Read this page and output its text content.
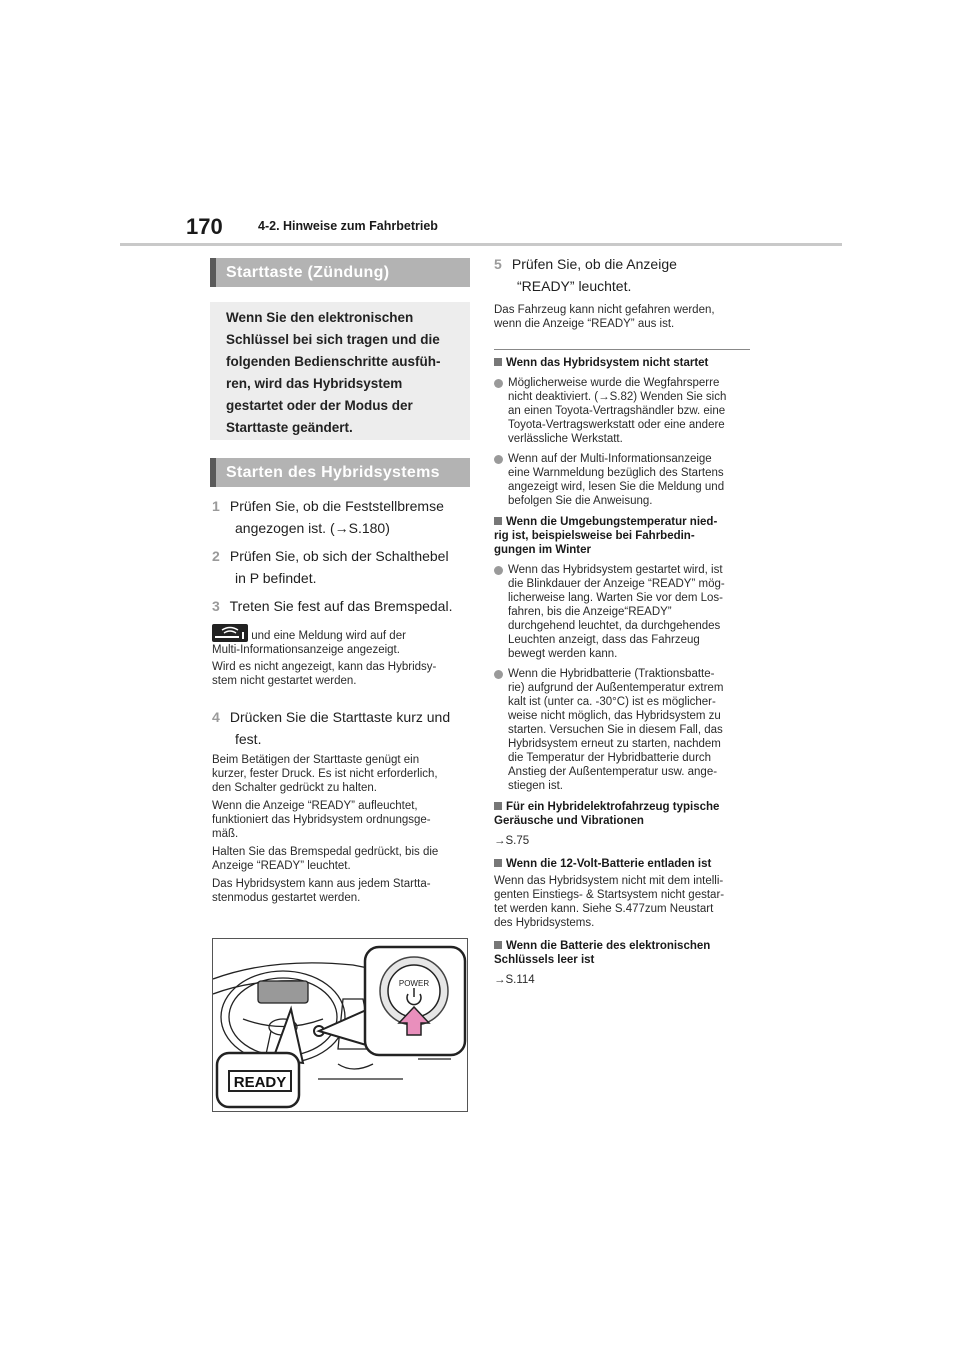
170	4-2. Hinweise zum Fahrbetrieb
Starttaste (Zündung)
Wenn Sie den elektronischen
Schlüssel bei sich tragen und die
folgenden Bedienschritte ausfüh-
ren, wird das Hybridsystem
gestartet oder der Modus der
Starttaste geändert.
Starten des Hybridsystems
1 Prüfen Sie, ob die Feststellbremse
angezogen ist. (→S.180)
2 Prüfen Sie, ob sich der Schalthebel
in P befindet.
3 Treten Sie fest auf das Bremspedal.
und eine Meldung wird auf der
Multi-Informationsanzeige angezeigt.
Wird es nicht angezeigt, kann das Hybridsy-
stem nicht gestartet werden.
4 Drücken Sie die Starttaste kurz und
fest.
Beim Betätigen der Starttaste genügt ein
kurzer, fester Druck. Es ist nicht erforderlich,
den Schalter gedrückt zu halten.
Wenn die Anzeige “READY” aufleuchtet,
funktioniert das Hybridsystem ordnungsge-
mäß.
Halten Sie das Bremspedal gedrückt, bis die
Anzeige “READY” leuchtet.
Das Hybridsystem kann aus jedem Startta-
stenmodus gestartet werden.
POWER
READY
5 Prüfen Sie, ob die Anzeige
“READY” leuchtet.
Das Fahrzeug kann nicht gefahren werden,
wenn die Anzeige “READY” aus ist.
Wenn das Hybridsystem nicht startet
Möglicherweise wurde die Wegfahrsperre
nicht deaktiviert. (→S.82) Wenden Sie sich
an einen Toyota-Vertragshändler bzw. eine
Toyota-Vertragswerkstatt oder eine andere
verlässliche Werkstatt.
Wenn auf der Multi-Informationsanzeige
eine Warnmeldung bezüglich des Startens
angezeigt wird, lesen Sie die Meldung und
befolgen Sie die Anweisung.
Wenn die Umgebungstemperatur nied-
rig ist, beispielsweise bei Fahrbedin-
gungen im Winter
Wenn das Hybridsystem gestartet wird, ist
die Blinkdauer der Anzeige “READY” mög-
licherweise lang. Warten Sie vor dem Los-
fahren, bis die Anzeige“READY”
durchgehend leuchtet, da durchgehendes
Leuchten anzeigt, dass das Fahrzeug
bewegt werden kann.
Wenn die Hybridbatterie (Traktionsbatte-
rie) aufgrund der Außentemperatur extrem
kalt ist (unter ca. -30°C) ist es möglicher-
weise nicht möglich, das Hybridsystem zu
starten. Versuchen Sie in diesem Fall, das
Hybridsystem erneut zu starten, nachdem
die Temperatur der Hybridbatterie durch
Anstieg der Außentemperatur usw. ange-
stiegen ist.
Für ein Hybridelektrofahrzeug typische
Geräusche und Vibrationen
→S.75
Wenn die 12-Volt-Batterie entladen ist
Wenn das Hybridsystem nicht mit dem intelli-
genten Einstiegs- & Startsystem nicht gestar-
tet werden kann. Siehe S.477zum Neustart
des Hybridsystems.
Wenn die Batterie des elektronischen
Schlüssels leer ist
→S.114
